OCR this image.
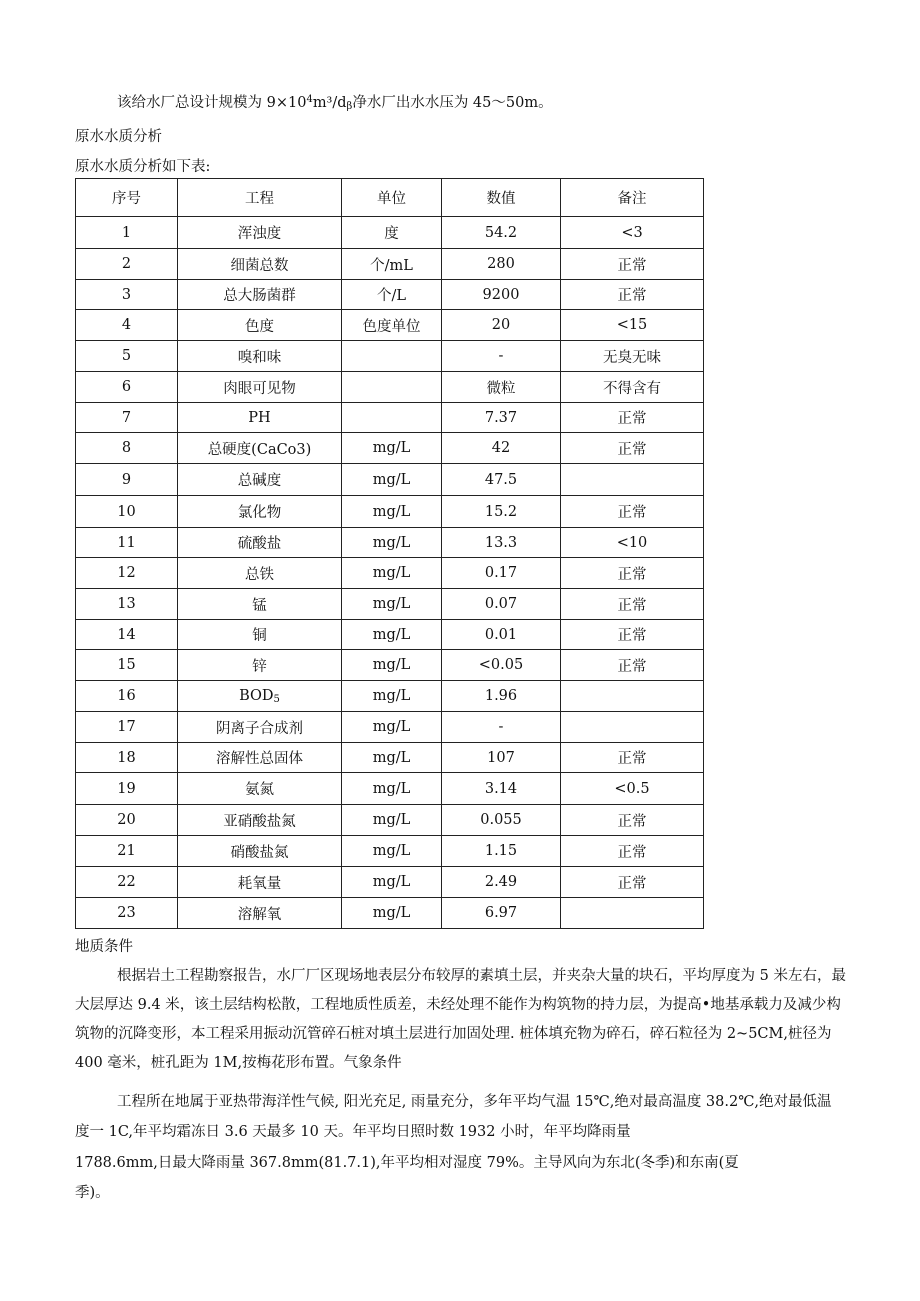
该给水厂总设计规模为 $9\times 10^4m^3/d_\beta$净水厂出水水压为 45～50m。
原水水质分析
原水水质分析如下表:
序号	工程	单位	数值	备注
1	浑浊度	度	54.2	<3
2	细菌总数	个/mL	280	正常
3	总大肠菌群	个/L	9200	正常
4	色度	色度单位	20	<15
5	嗅和味		-	无臭无味
6	肉眼可见物		微粒	不得含有
7	PH		7.37	正常
8	总硬度(CaCo3)	mg/L	42	正常
9	总碱度	mg/L	47.5	
10	氯化物	mg/L	15.2	正常
11	硫酸盐	mg/L	13.3	<10
12	总铁	mg/L	0.17	正常
13	锰	mg/L	0.07	正常
14	铜	mg/L	0.01	正常
15	锌	mg/L	<0.05	正常
16	$BOD_5$	mg/L	1.96	
17	阴离子合成剂	mg/L	-	
18	溶解性总固体	mg/L	107	正常
19	氨氮	mg/L	3.14	<0.5
20	亚硝酸盐氮	mg/L	0.055	正常
21	硝酸盐氮	mg/L	1.15	正常
22	耗氧量	mg/L	2.49	正常
23	溶解氧	mg/L	6.97	
地质条件
根据岩土工程勘察报告，水厂厂区现场地表层分布较厚的素填土层，并夹杂大量的块石，平均厚度为 5 米左右，最大层厚达 9.4 米，该土层结构松散，工程地质性质差，未经处理不能作为构筑物的持力层，为提高•地基承载力及减少构筑物的沉降变形，本工程采用振动沉管碎石桩对填土层进行加固处理. 桩体填充物为碎石，碎石粒径为 2~5CM,桩径为 400 毫米，桩孔距为 1M,按梅花形布置。气象条件
工程所在地属于亚热带海洋性气候, 阳光充足, 雨量充分，多年平均气温 15℃,绝对最高温度 38.2℃,绝对最低温
度一 1C,年平均霜冻日 3.6 天最多 10 天。年平均日照时数 1932 小时，年平均降雨量
1788.6mm,日最大降雨量 367.8mm(81.7.1),年平均相对湿度 79%。主导风向为东北(冬季)和东南(夏
季)。
